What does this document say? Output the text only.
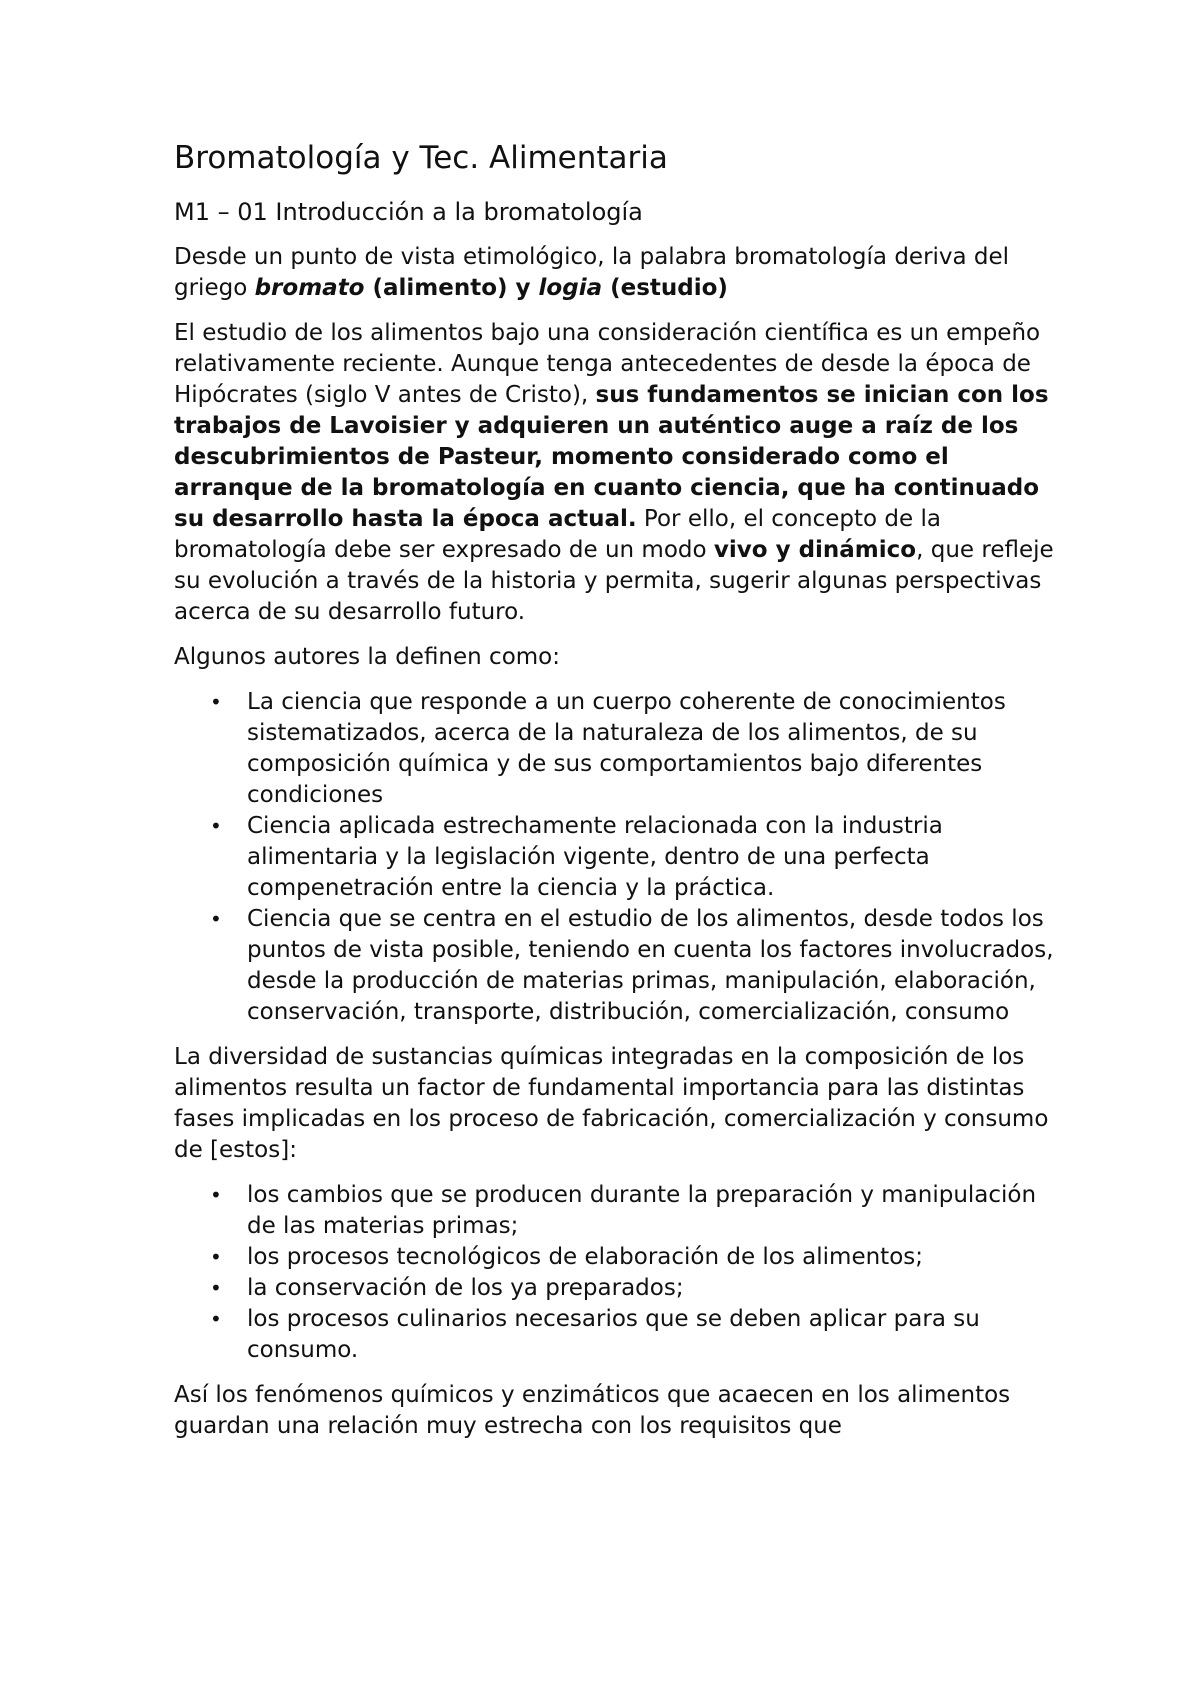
Bromatología y Tec. Alimentaria
M1 – 01 Introducción a la bromatología

Desde un punto de vista etimológico, la palabra bromatología deriva del griego bromato (alimento) y logia (estudio)

El estudio de los alimentos bajo una consideración científica es un empeño relativamente reciente. Aunque tenga antecedentes de desde la época de Hipócrates (siglo V antes de Cristo), sus fundamentos se inician con los trabajos de Lavoisier y adquieren un auténtico auge a raíz de los descubrimientos de Pasteur, momento considerado como el arranque de la bromatología en cuanto ciencia, que ha continuado su desarrollo hasta la época actual. Por ello, el concepto de la bromatología debe ser expresado de un modo vivo y dinámico, que refleje su evolución a través de la historia y permita, sugerir algunas perspectivas acerca de su desarrollo futuro.

Algunos autores la definen como:

• La ciencia que responde a un cuerpo coherente de conocimientos sistematizados, acerca de la naturaleza de los alimentos, de su composición química y de sus comportamientos bajo diferentes condiciones
• Ciencia aplicada estrechamente relacionada con la industria alimentaria y la legislación vigente, dentro de una perfecta compenetración entre la ciencia y la práctica.
• Ciencia que se centra en el estudio de los alimentos, desde todos los puntos de vista posible, teniendo en cuenta los factores involucrados, desde la producción de materias primas, manipulación, elaboración, conservación, transporte, distribución, comercialización, consumo

La diversidad de sustancias químicas integradas en la composición de los alimentos resulta un factor de fundamental importancia para las distintas fases implicadas en los proceso de fabricación, comercialización y consumo de [estos]:

• los cambios que se producen durante la preparación y manipulación de las materias primas;
• los procesos tecnológicos de elaboración de los alimentos;
• la conservación de los ya preparados;
• los procesos culinarios necesarios que se deben aplicar para su consumo.

Así los fenómenos químicos y enzimáticos que acaecen en los alimentos guardan una relación muy estrecha con los requisitos que
